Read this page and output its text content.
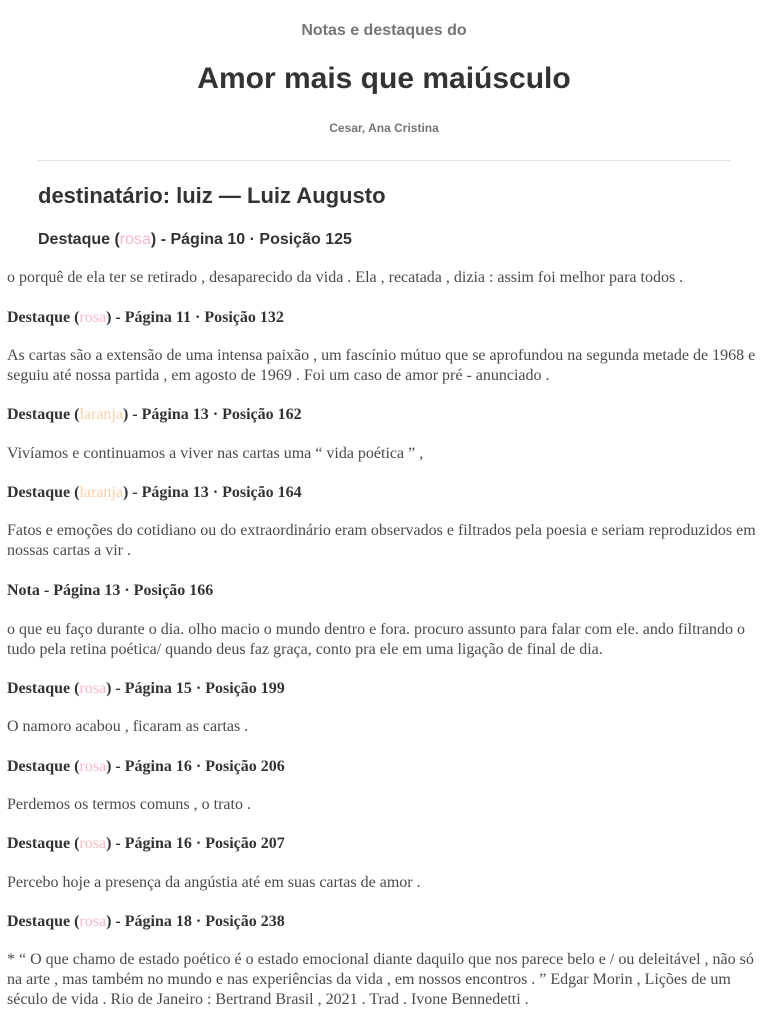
Notas e destaques do
Amor mais que maiúsculo
Cesar, Ana Cristina
destinatário: luiz — Luiz Augusto
Destaque (rosa) - Página 10 · Posição 125
o porquê de ela ter se retirado , desaparecido da vida . Ela , recatada , dizia : assim foi melhor para todos .
Destaque (rosa) - Página 11 · Posição 132
As cartas são a extensão de uma intensa paixão , um fascínio mútuo que se aprofundou na segunda metade de 1968 e seguiu até nossa partida , em agosto de 1969 . Foi um caso de amor pré - anunciado .
Destaque (laranja) - Página 13 · Posição 162
Vivíamos e continuamos a viver nas cartas uma “ vida poética ” ,
Destaque (laranja) - Página 13 · Posição 164
Fatos e emoções do cotidiano ou do extraordinário eram observados e filtrados pela poesia e seriam reproduzidos em nossas cartas a vir .
Nota - Página 13 · Posição 166
o que eu faço durante o dia. olho macio o mundo dentro e fora. procuro assunto para falar com ele. ando filtrando o tudo pela retina poética/ quando deus faz graça, conto pra ele em uma ligação de final de dia.
Destaque (rosa) - Página 15 · Posição 199
O namoro acabou , ficaram as cartas .
Destaque (rosa) - Página 16 · Posição 206
Perdemos os termos comuns , o trato .
Destaque (rosa) - Página 16 · Posição 207
Percebo hoje a presença da angústia até em suas cartas de amor .
Destaque (rosa) - Página 18 · Posição 238
* “ O que chamo de estado poético é o estado emocional diante daquilo que nos parece belo e / ou deleitável , não só na arte , mas também no mundo e nas experiências da vida , em nossos encontros . ” Edgar Morin , Lições de um século de vida . Rio de Janeiro : Bertrand Brasil , 2021 . Trad . Ivone Bennedetti .
